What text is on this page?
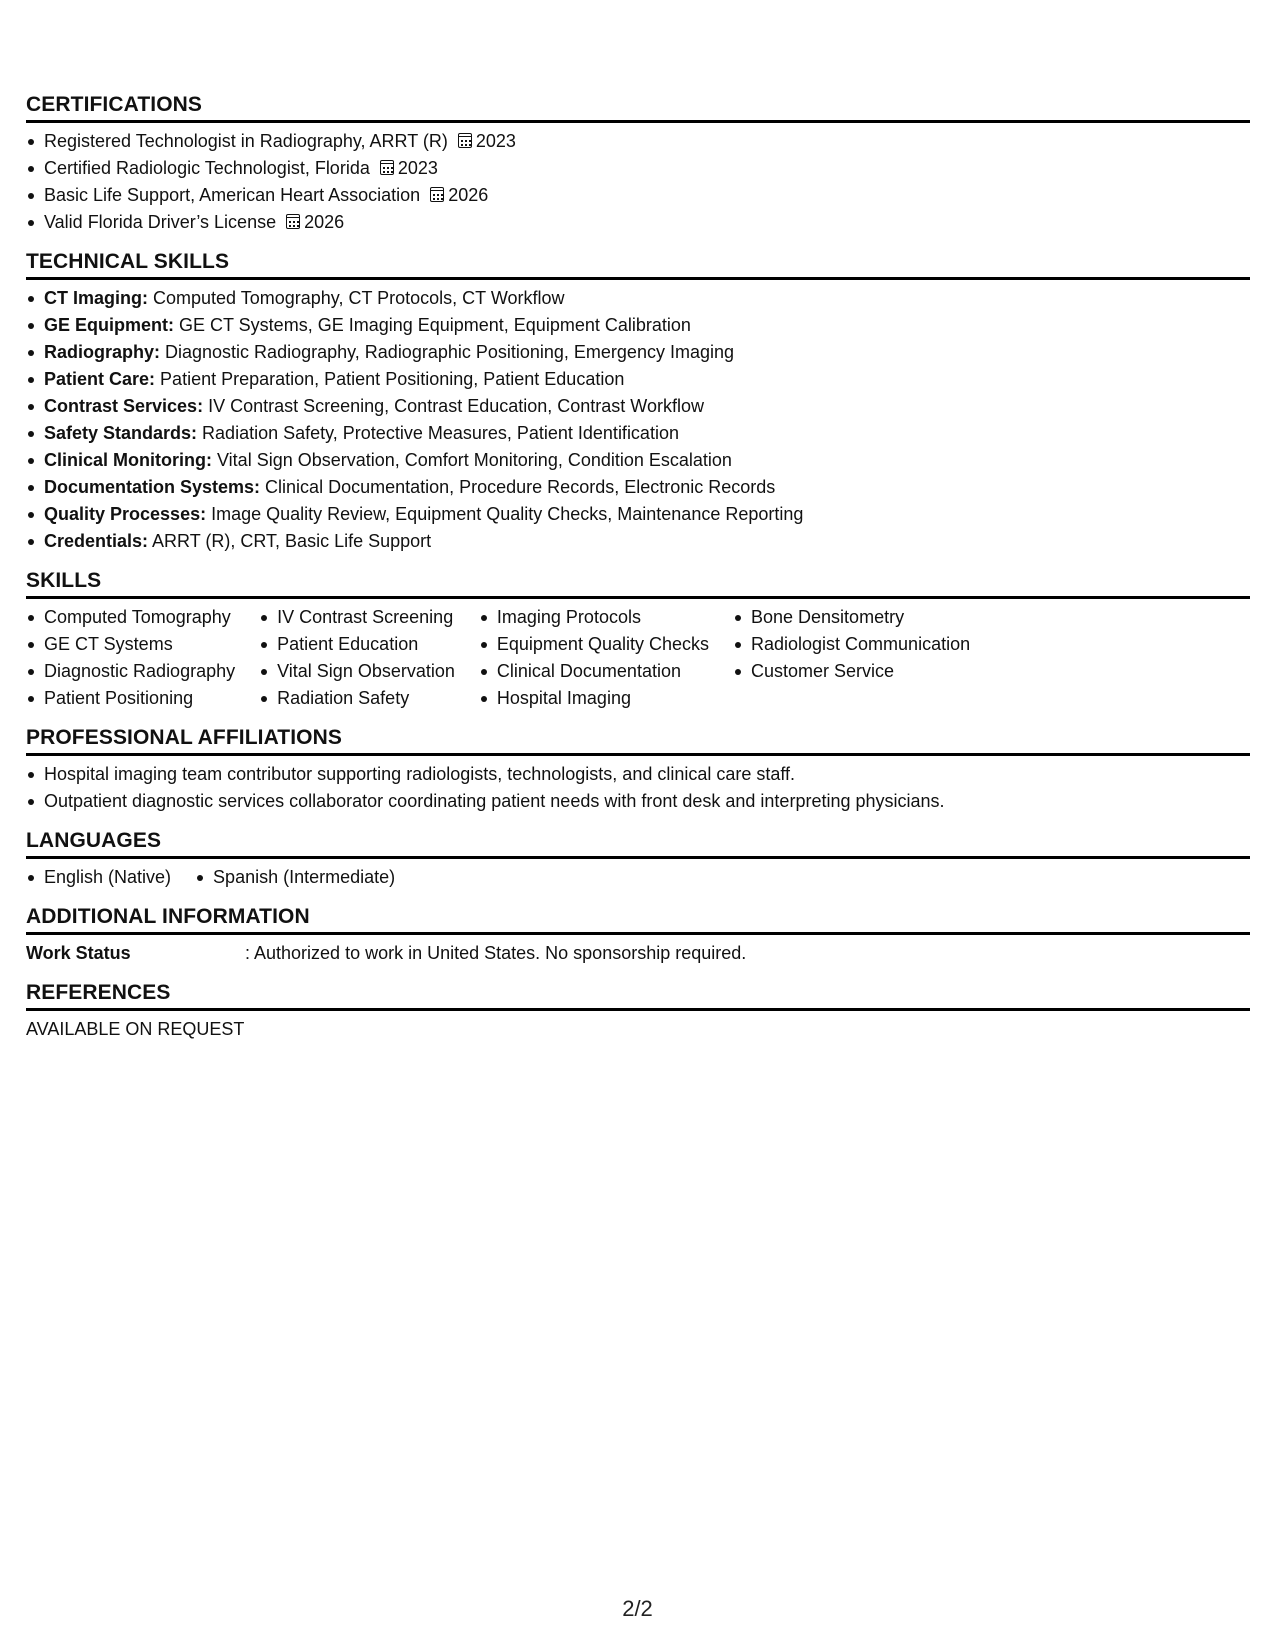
CERTIFICATIONS
Registered Technologist in Radiography, ARRT (R) 2023
Certified Radiologic Technologist, Florida 2023
Basic Life Support, American Heart Association 2026
Valid Florida Driver’s License 2026
TECHNICAL SKILLS
CT Imaging: Computed Tomography, CT Protocols, CT Workflow
GE Equipment: GE CT Systems, GE Imaging Equipment, Equipment Calibration
Radiography: Diagnostic Radiography, Radiographic Positioning, Emergency Imaging
Patient Care: Patient Preparation, Patient Positioning, Patient Education
Contrast Services: IV Contrast Screening, Contrast Education, Contrast Workflow
Safety Standards: Radiation Safety, Protective Measures, Patient Identification
Clinical Monitoring: Vital Sign Observation, Comfort Monitoring, Condition Escalation
Documentation Systems: Clinical Documentation, Procedure Records, Electronic Records
Quality Processes: Image Quality Review, Equipment Quality Checks, Maintenance Reporting
Credentials: ARRT (R), CRT, Basic Life Support
SKILLS
Computed Tomography
GE CT Systems
Diagnostic Radiography
Patient Positioning
IV Contrast Screening
Patient Education
Vital Sign Observation
Radiation Safety
Imaging Protocols
Equipment Quality Checks
Clinical Documentation
Hospital Imaging
Bone Densitometry
Radiologist Communication
Customer Service
PROFESSIONAL AFFILIATIONS
Hospital imaging team contributor supporting radiologists, technologists, and clinical care staff.
Outpatient diagnostic services collaborator coordinating patient needs with front desk and interpreting physicians.
LANGUAGES
English (Native)	Spanish (Intermediate)
ADDITIONAL INFORMATION
Work Status	: Authorized to work in United States. No sponsorship required.
REFERENCES
AVAILABLE ON REQUEST
2/2
